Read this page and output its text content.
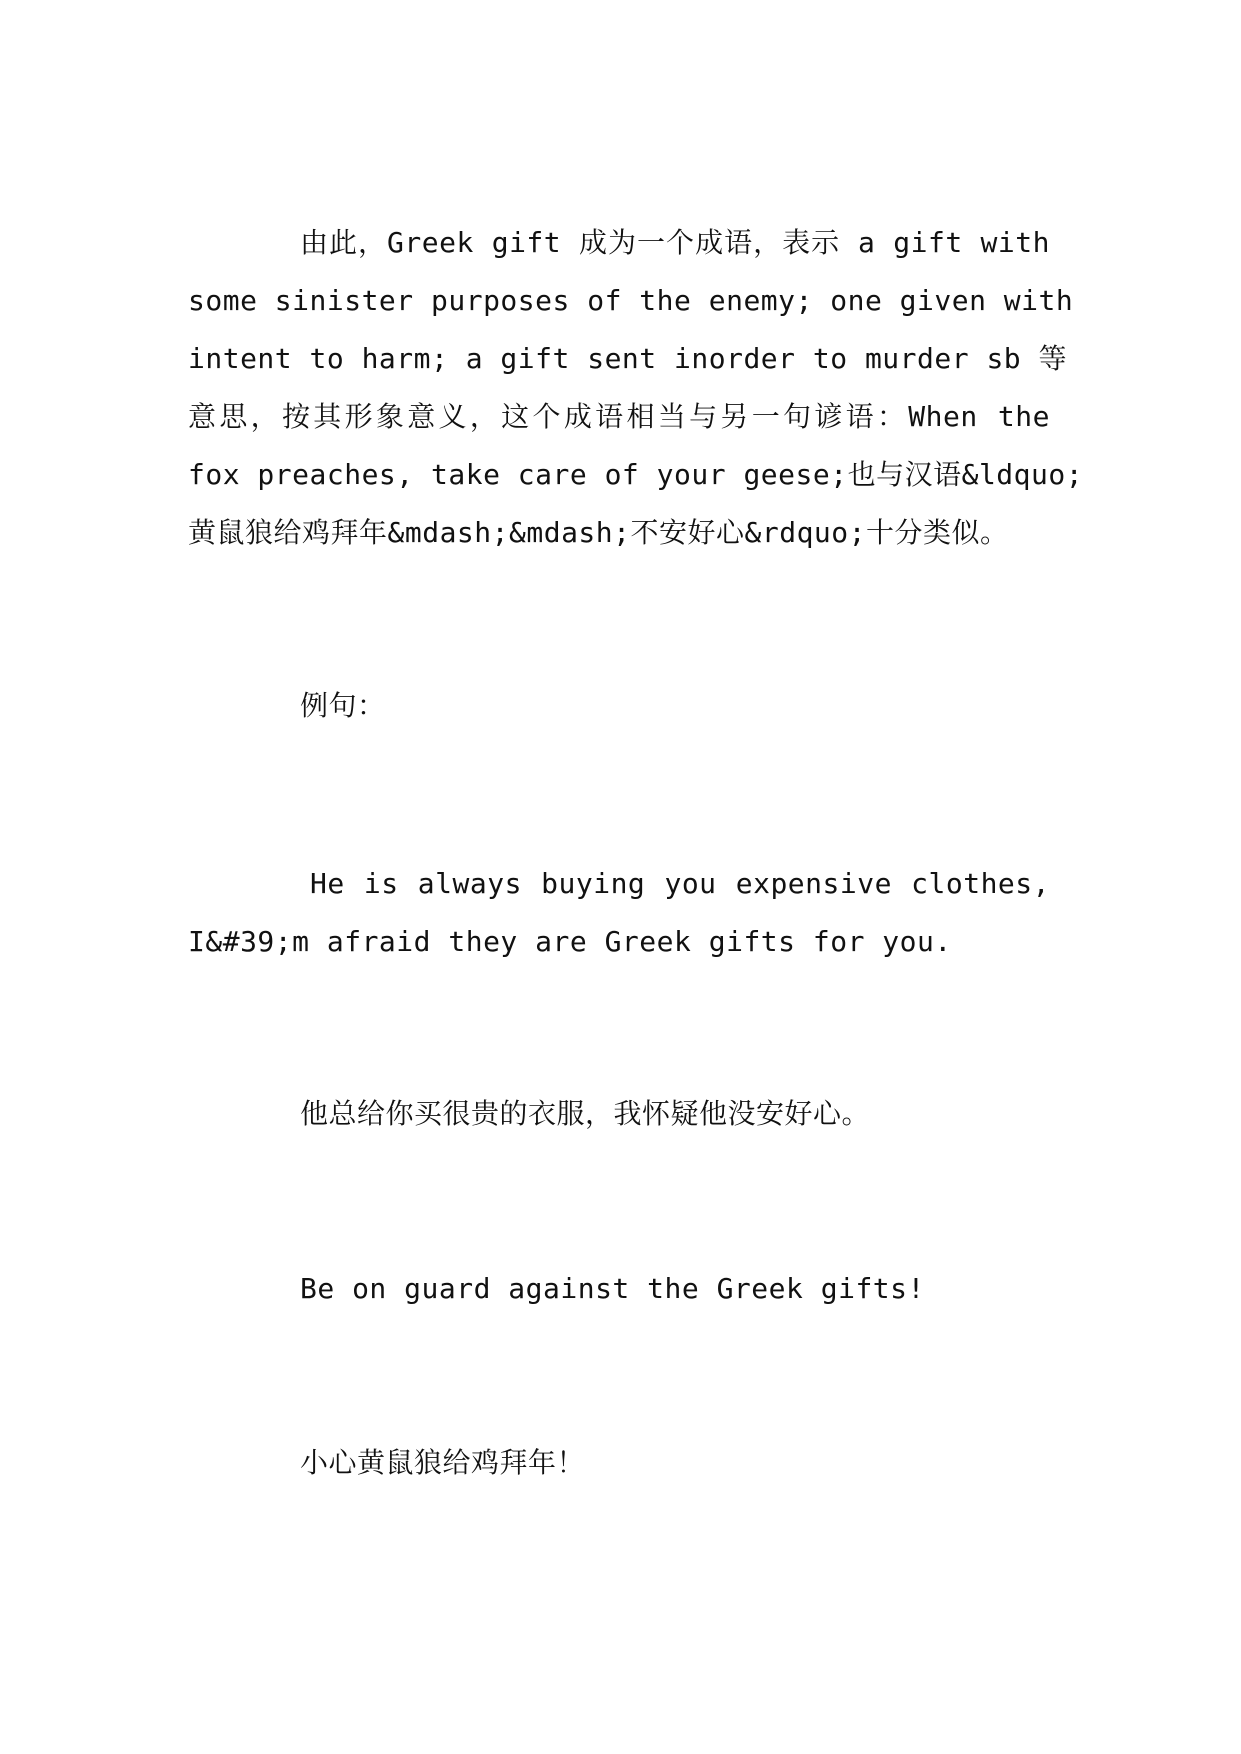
由此，Greek gift 成为一个成语，表示 a gift with
some sinister purposes of the enemy; one given with
intent to harm; a gift sent inorder to murder sb 等
意思，按其形象意义，这个成语相当与另一句谚语：When the
fox preaches, take care of your geese;也与汉语&ldquo;
黄鼠狼给鸡拜年&mdash;&mdash;不安好心&rdquo;十分类似。
例句：
He is always buying you expensive clothes,
I&#39;m afraid they are Greek gifts for you.
他总给你买很贵的衣服，我怀疑他没安好心。
Be on guard against the Greek gifts!
小心黄鼠狼给鸡拜年！
